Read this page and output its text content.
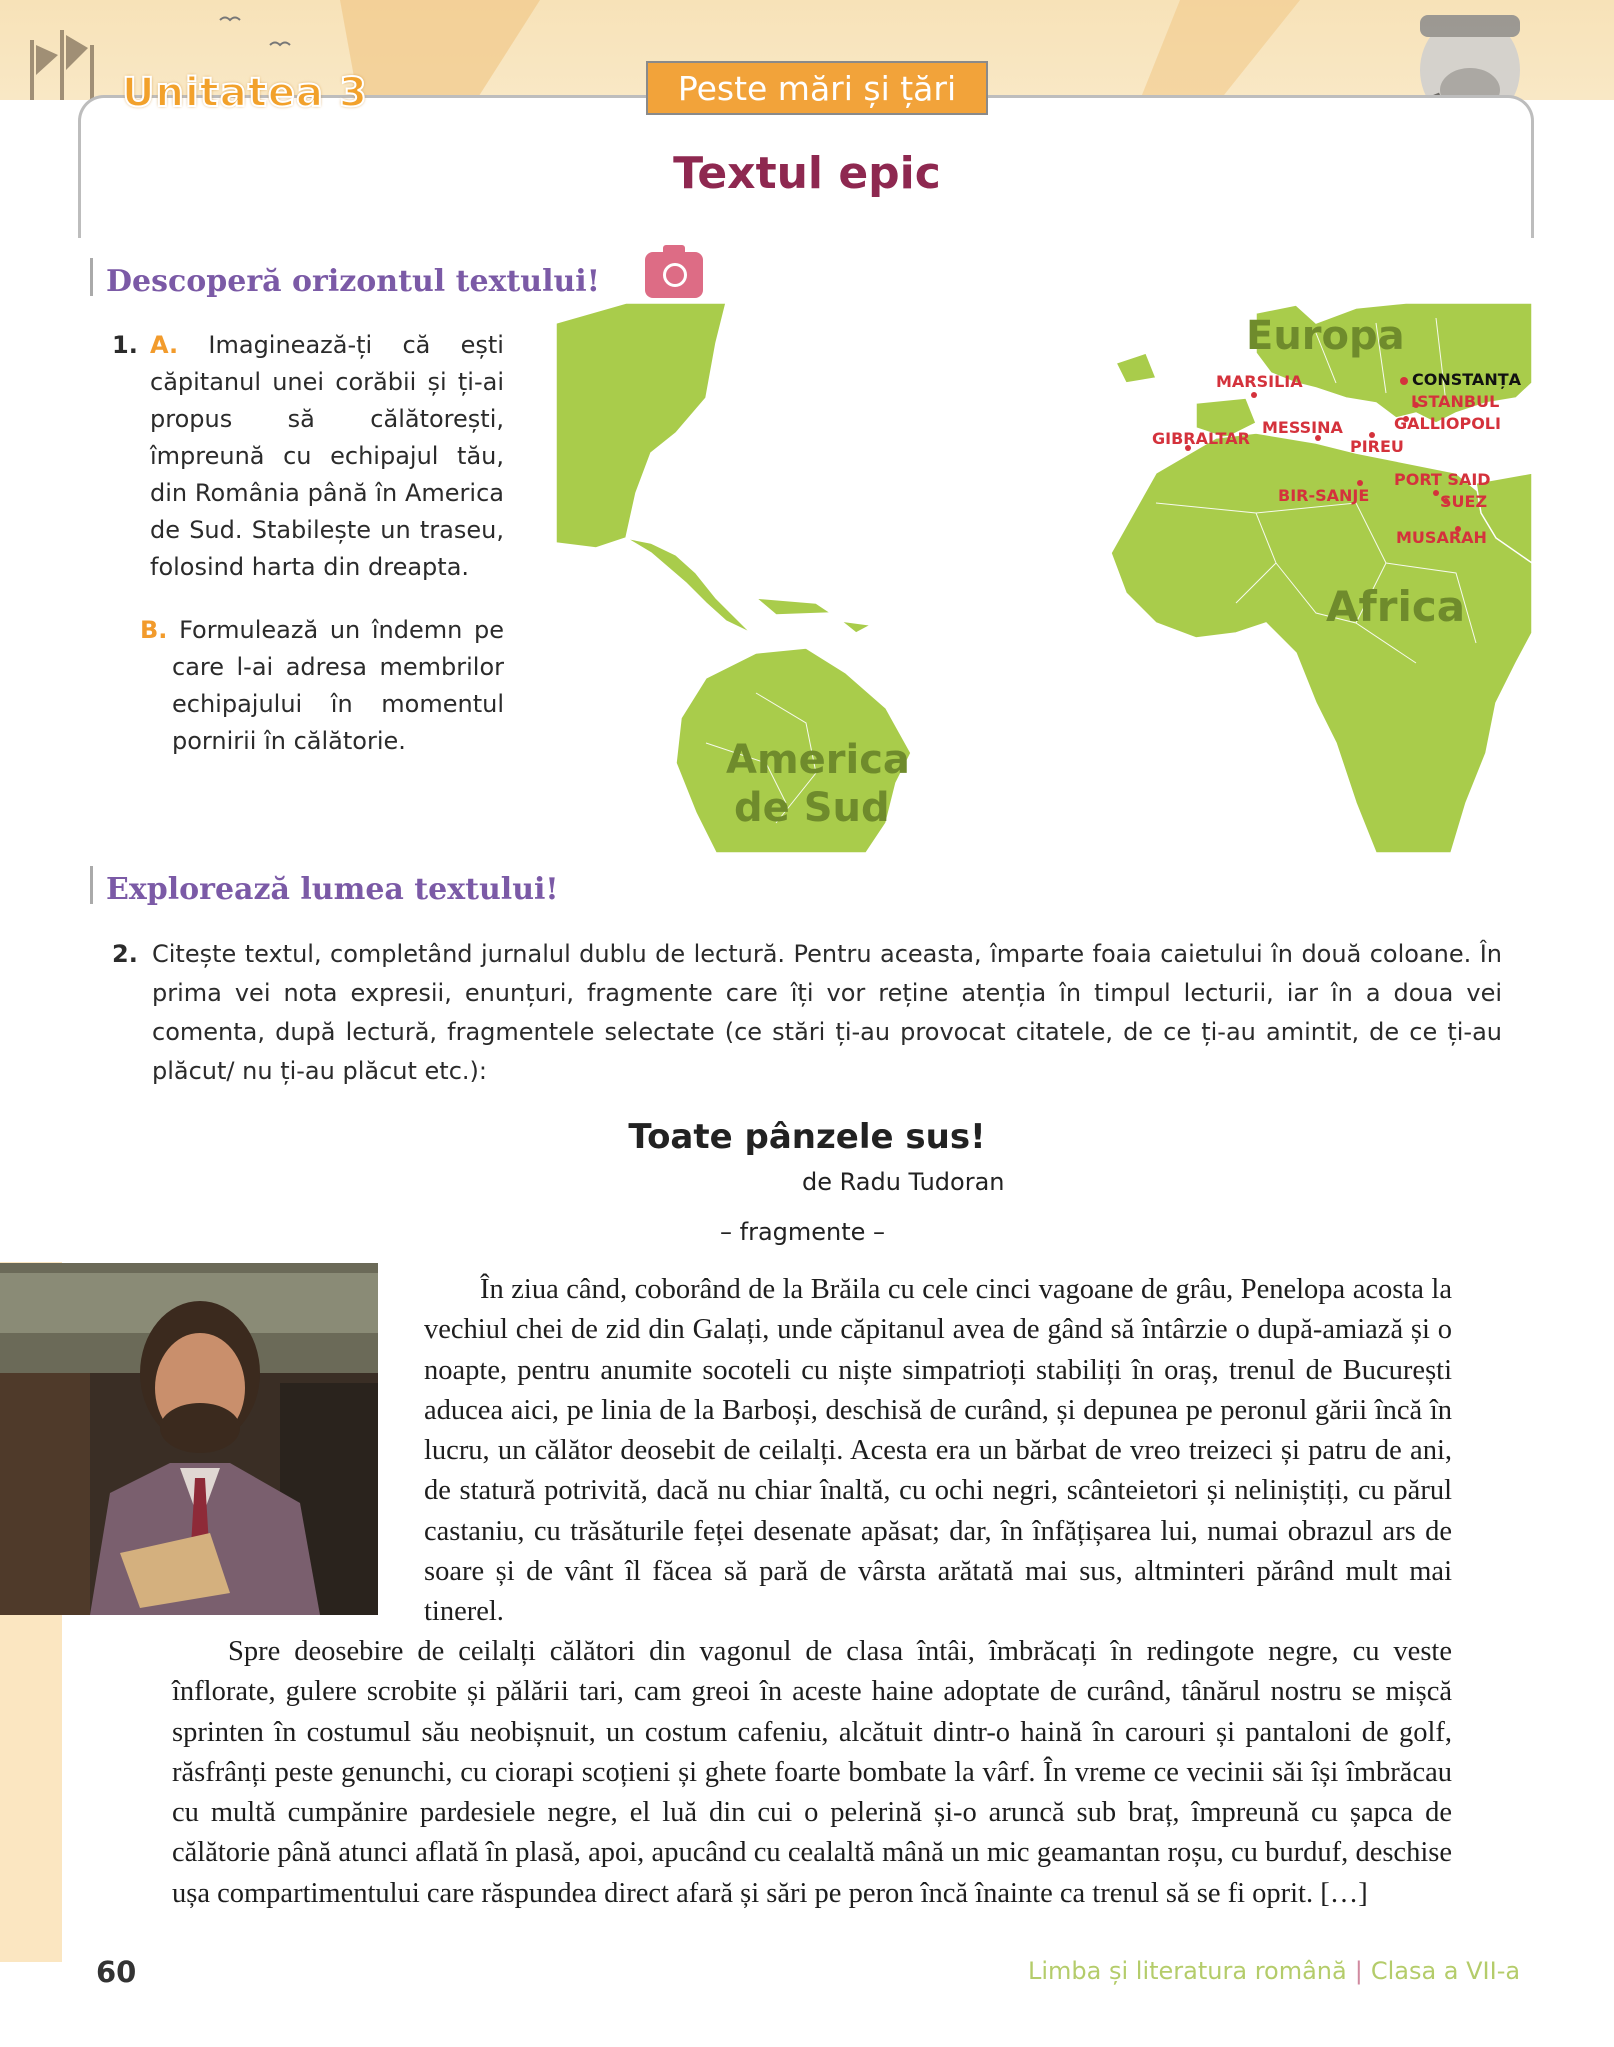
Unitatea 3	Peste mări și țări
Textul epic
Descoperă orizontul textului!
1. A. Imaginează-ți că ești căpitanul unei corăbii și ți-ai propus să călătorești, împreună cu echipajul tău, din România până în America de Sud. Stabilește un traseu, folosind harta din dreapta.
B. Formulează un îndemn pe care l-ai adresa membrilor echipajului în momentul pornirii în călătorie.
Europa
Africa
America
de Sud
CONSTANȚA
MARSILIA
ISTANBUL
GALLIOPOLI
MESSINA
GIBRALTAR	PIREU
PORT SAID
SUEZ
BIR-SANJE
MUSARAH
Explorează lumea textului!
2. Citește textul, completând jurnalul dublu de lectură. Pentru aceasta, împarte foaia caietului în două coloane. În prima vei nota expresii, enunțuri, fragmente care îți vor reține atenția în timpul lecturii, iar în a doua vei comenta, după lectură, fragmentele selectate (ce stări ți-au provocat citatele, de ce ți-au amintit, de ce ți-au plăcut/ nu ți-au plăcut etc.):
Toate pânzele sus!
de Radu Tudoran
– fragmente –
În ziua când, coborând de la Brăila cu cele cinci vagoane de grâu, Penelopa acosta la vechiul chei de zid din Galați, unde căpitanul avea de gând să întârzie o după-amiază și o noapte, pentru anumite socoteli cu niște simpatrioți stabiliți în oraș, trenul de București aducea aici, pe linia de la Barboși, deschisă de curând, și depunea pe peronul gării încă în lucru, un călător deosebit de ceilalți. Acesta era un bărbat de vreo treizeci și patru de ani, de statură potrivită, dacă nu chiar înaltă, cu ochi negri, scânteietori și neliniștiți, cu părul castaniu, cu trăsăturile feței desenate apăsat; dar, în înfățișarea lui, numai obrazul ars de soare și de vânt îl făcea să pară de vârsta arătată mai sus, altminteri părând mult mai tinerel.
Spre deosebire de ceilalți călători din vagonul de clasa întâi, îmbrăcați în redingote negre, cu veste înflorate, gulere scrobite și pălării tari, cam greoi în aceste haine adoptate de curând, tânărul nostru se mișcă sprinten în costumul său neobișnuit, un costum cafeniu, alcătuit dintr-o haină în carouri și pantaloni de golf, răsfrânți peste genunchi, cu ciorapi scoțieni și ghete foarte bombate la vârf. În vreme ce vecinii săi își îmbrăcau cu multă cumpănire pardesiele negre, el luă din cui o pelerină și-o aruncă sub braț, împreună cu șapca de călătorie până atunci aflată în plasă, apoi, apucând cu cealaltă mână un mic geamantan roșu, cu burduf, deschise ușa compartimentului care răspundea direct afară și sări pe peron încă înainte ca trenul să se fi oprit. […]
60	Limba și literatura română | Clasa a VII-a
